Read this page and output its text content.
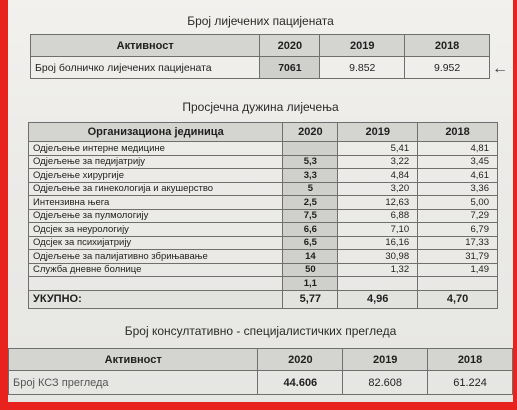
Број лијечених пацијената
Активност	2020	2019	2018
Број болничко лијечених пацијената	7061	9.852	9.952 ←
Просјечна дужина лијечења
Организациона јединица	2020	2019	2018
Одјељење интерне медицине		5,41	4,81
Одјељење за педијатрију	5,3	3,22	3,45
Одјељење хирургије	3,3	4,84	4,61
Одјељење за гинекологија и акушерство	5	3,20	3,36
Интензивна њега	2,5	12,63	5,00
Одјељење за пулмологију	7,5	6,88	7,29
Одсјек за неурологију	6,6	7,10	6,79
Одсјек за психијатрију	6,5	16,16	17,33
Одјељење за палијативно збрињавање	14	30,98	31,79
Служба дневне болнице	50	1,32	1,49
	1,1		
УКУПНО:	5,77	4,96	4,70
Број консултативно - специјалистичких прегледа
Активност	2020	2019	2018
Број КСЗ прегледа	44.606	82.608	61.224
